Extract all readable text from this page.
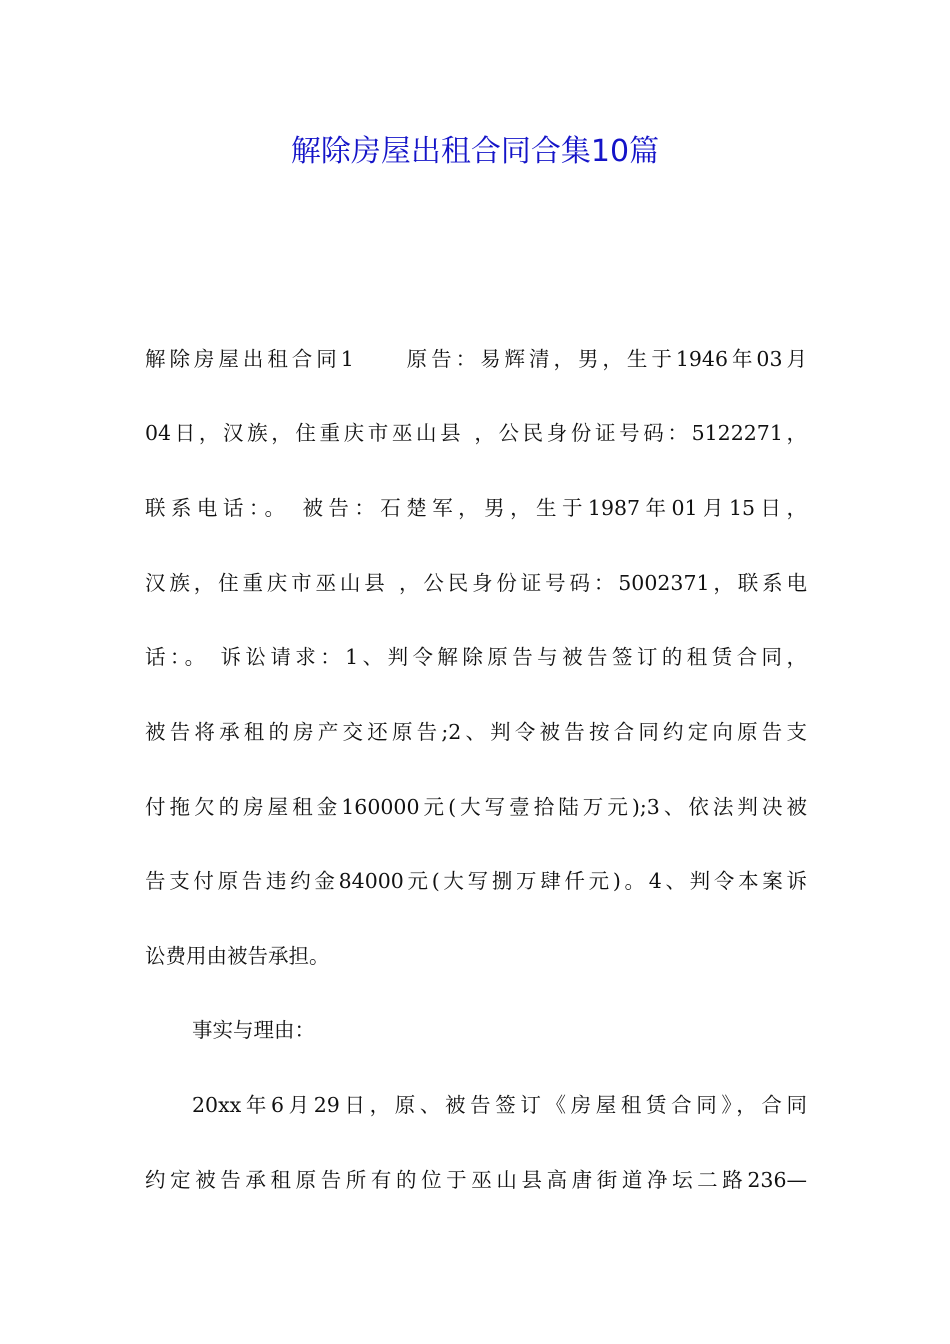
解除房屋出租合同合集10篇
解除房屋出租合同1　　原告：易辉清，男，生于1946年03月
04日，汉族，住重庆市巫山县 ，公民身份证号码：5122271，
联系电话：。 被告：石楚军，男，生于1987年01月15日，
汉族，住重庆市巫山县 ，公民身份证号码：5002371，联系电
话：。 诉讼请求：1、判令解除原告与被告签订的租赁合同，
被告将承租的房产交还原告;2、判令被告按合同约定向原告支
付拖欠的房屋租金160000元(大写壹拾陆万元);3、依法判决被
告支付原告违约金84000元(大写捌万肆仟元)。4、判令本案诉
讼费用由被告承担。
事实与理由：
20xx年6月29日，原、被告签订《房屋租赁合同》，合同
约定被告承租原告所有的位于巫山县高唐街道净坛二路236—
